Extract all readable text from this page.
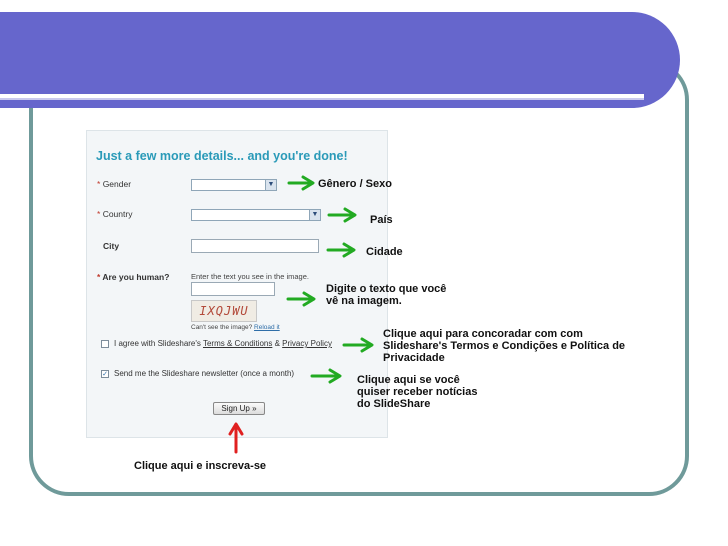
Just a few more details... and you're done!
* Gender	▼
* Country	▼
City
* Are you human?	Enter the text you see in the image.
IXQJWU
Can't see the image? Reload it
I agree with Slideshare's Terms & Conditions & Privacy Policy
✓ Send me the Slideshare newsletter (once a month)
Sign Up »
Gênero / Sexo
País
Cidade
Digite o texto que você
vê na imagem.
Clique aqui para concoradar com com
Slideshare's Termos e Condições e Política de
Privacidade
Clique aqui se você
quiser receber notícias
do SlideShare
Clique aqui e inscreva-se
